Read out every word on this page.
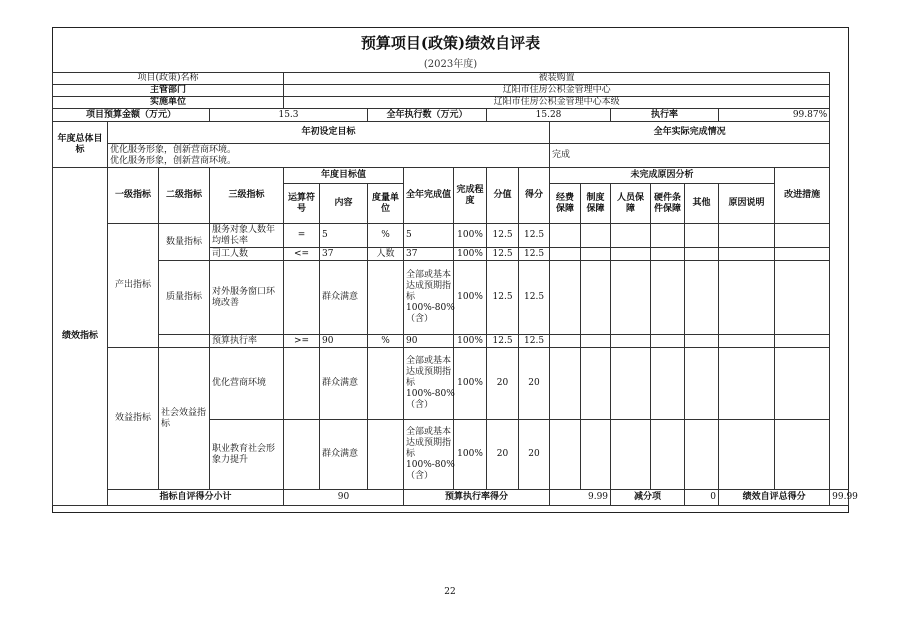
预算项目(政策)绩效自评表
(2023年度)
项目(政策)名称				被装购置														
主管部门				辽阳市住房公积金管理中心														
实施单位				辽阳市住房公积金管理中心本级														
项目预算金额（万元）			15.3			全年执行数（万元）			15.28				执行率			99.87%		
年度总体目标	年初设定目标										全年实际完成情况							

	优化服务形象，创新营商环境。
优化服务形象，创新营商环境。										完成							
绩效指标	一级指标	二级指标	三级指标	年度目标值			全年完成值	完成程度	分值	得分	未完成原因分析						改进措施	
				运算符号	内容	度量单位					经费保障	制度保障	人员保障	硬件条件保障	其他	原因说明		
	产出指标	数量指标	服务对象人数年均增长率	=	5	%	5	100%	12.5	12.5								
			司工人数	<=	37	人数	37	100%	12.5	12.5								
		质量指标	对外服务窗口环境改善		群众满意		全部或基本达成预期指标100%-80%（含）	100%	12.5	12.5								
			预算执行率	>=	90	%	90	100%	12.5	12.5								
	效益指标	社会效益指标	优化营商环境		群众满意		全部或基本达成预期指标100%-80%（含）	100%	20	20								
			职业教育社会形象力提升		群众满意		全部或基本达成预期指标100%-80%（含）	100%	20	20								
	指标自评得分小计			90			预算执行率得分				9.99		减分项		0	绩效自评总得分		99.99
22
